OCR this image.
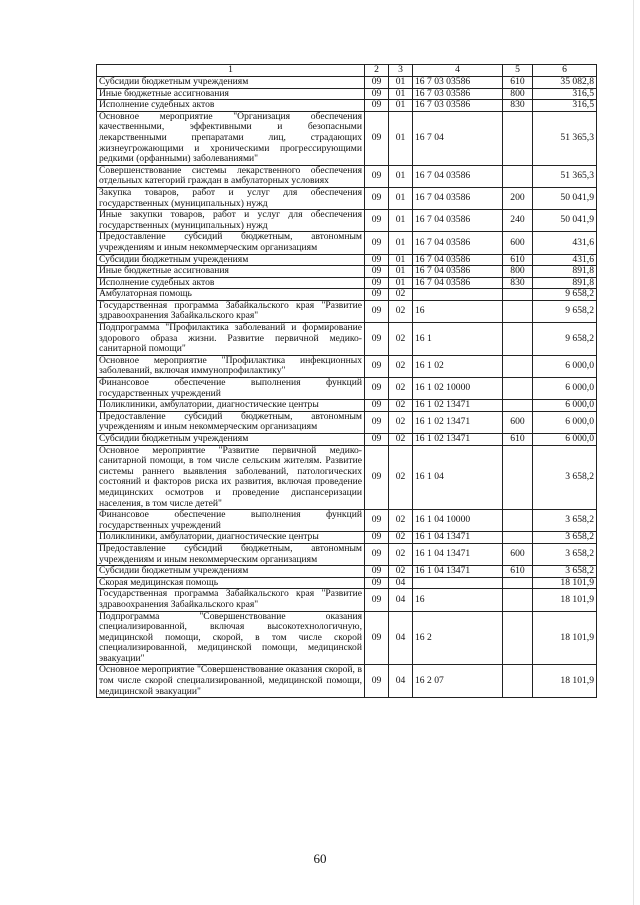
1	2	3	4	5	6
Субсидии бюджетным учреждениям	09	01	16 7 03 03586	610	35 082,8
Иные бюджетные ассигнования	09	01	16 7 03 03586	800	316,5
Исполнение судебных актов	09	01	16 7 03 03586	830	316,5
Основное мероприятие "Организация обеспечения качественными, эффективными и безопасными лекарственными препаратами лиц, страдающих жизнеугрожающими и хроническими прогрессирующими редкими (орфанными) заболеваниями"	09	01	16 7 04		51 365,3
Совершенствование системы лекарственного обеспечения отдельных категорий граждан в амбулаторных условиях	09	01	16 7 04 03586		51 365,3
Закупка товаров, работ и услуг для обеспечения государственных (муниципальных) нужд	09	01	16 7 04 03586	200	50 041,9
Иные закупки товаров, работ и услуг для обеспечения государственных (муниципальных) нужд	09	01	16 7 04 03586	240	50 041,9
Предоставление субсидий бюджетным, автономным учреждениям и иным некоммерческим организациям	09	01	16 7 04 03586	600	431,6
Субсидии бюджетным учреждениям	09	01	16 7 04 03586	610	431,6
Иные бюджетные ассигнования	09	01	16 7 04 03586	800	891,8
Исполнение судебных актов	09	01	16 7 04 03586	830	891,8
Амбулаторная помощь	09	02			9 658,2
Государственная программа Забайкальского края "Развитие здравоохранения Забайкальского края"	09	02	16		9 658,2
Подпрограмма "Профилактика заболеваний и формирование здорового образа жизни. Развитие первичной медико-санитарной помощи"	09	02	16 1		9 658,2
Основное мероприятие "Профилактика инфекционных заболеваний, включая иммунопрофилактику"	09	02	16 1 02		6 000,0
Финансовое обеспечение выполнения функций государственных учреждений	09	02	16 1 02 10000		6 000,0
Поликлиники, амбулатории, диагностические центры	09	02	16 1 02 13471		6 000,0
Предоставление субсидий бюджетным, автономным учреждениям и иным некоммерческим организациям	09	02	16 1 02 13471	600	6 000,0
Субсидии бюджетным учреждениям	09	02	16 1 02 13471	610	6 000,0
Основное мероприятие "Развитие первичной медико-санитарной помощи, в том числе сельским жителям. Развитие системы раннего выявления заболеваний, патологических состояний и факторов риска их развития, включая проведение медицинских осмотров и проведение диспансеризации населения, в том числе детей"	09	02	16 1 04		3 658,2
Финансовое обеспечение выполнения функций государственных учреждений	09	02	16 1 04 10000		3 658,2
Поликлиники, амбулатории, диагностические центры	09	02	16 1 04 13471		3 658,2
Предоставление субсидий бюджетным, автономным учреждениям и иным некоммерческим организациям	09	02	16 1 04 13471	600	3 658,2
Субсидии бюджетным учреждениям	09	02	16 1 04 13471	610	3 658,2
Скорая медицинская помощь	09	04			18 101,9
Государственная программа Забайкальского края "Развитие здравоохранения Забайкальского края"	09	04	16		18 101,9
Подпрограмма "Совершенствование оказания специализированной, включая высокотехнологичную, медицинской помощи, скорой, в том числе скорой специализированной, медицинской помощи, медицинской эвакуации"	09	04	16 2		18 101,9
Основное мероприятие "Совершенствование оказания скорой, в том числе скорой специализированной, медицинской помощи, медицинской эвакуации"	09	04	16 2 07		18 101,9
60
